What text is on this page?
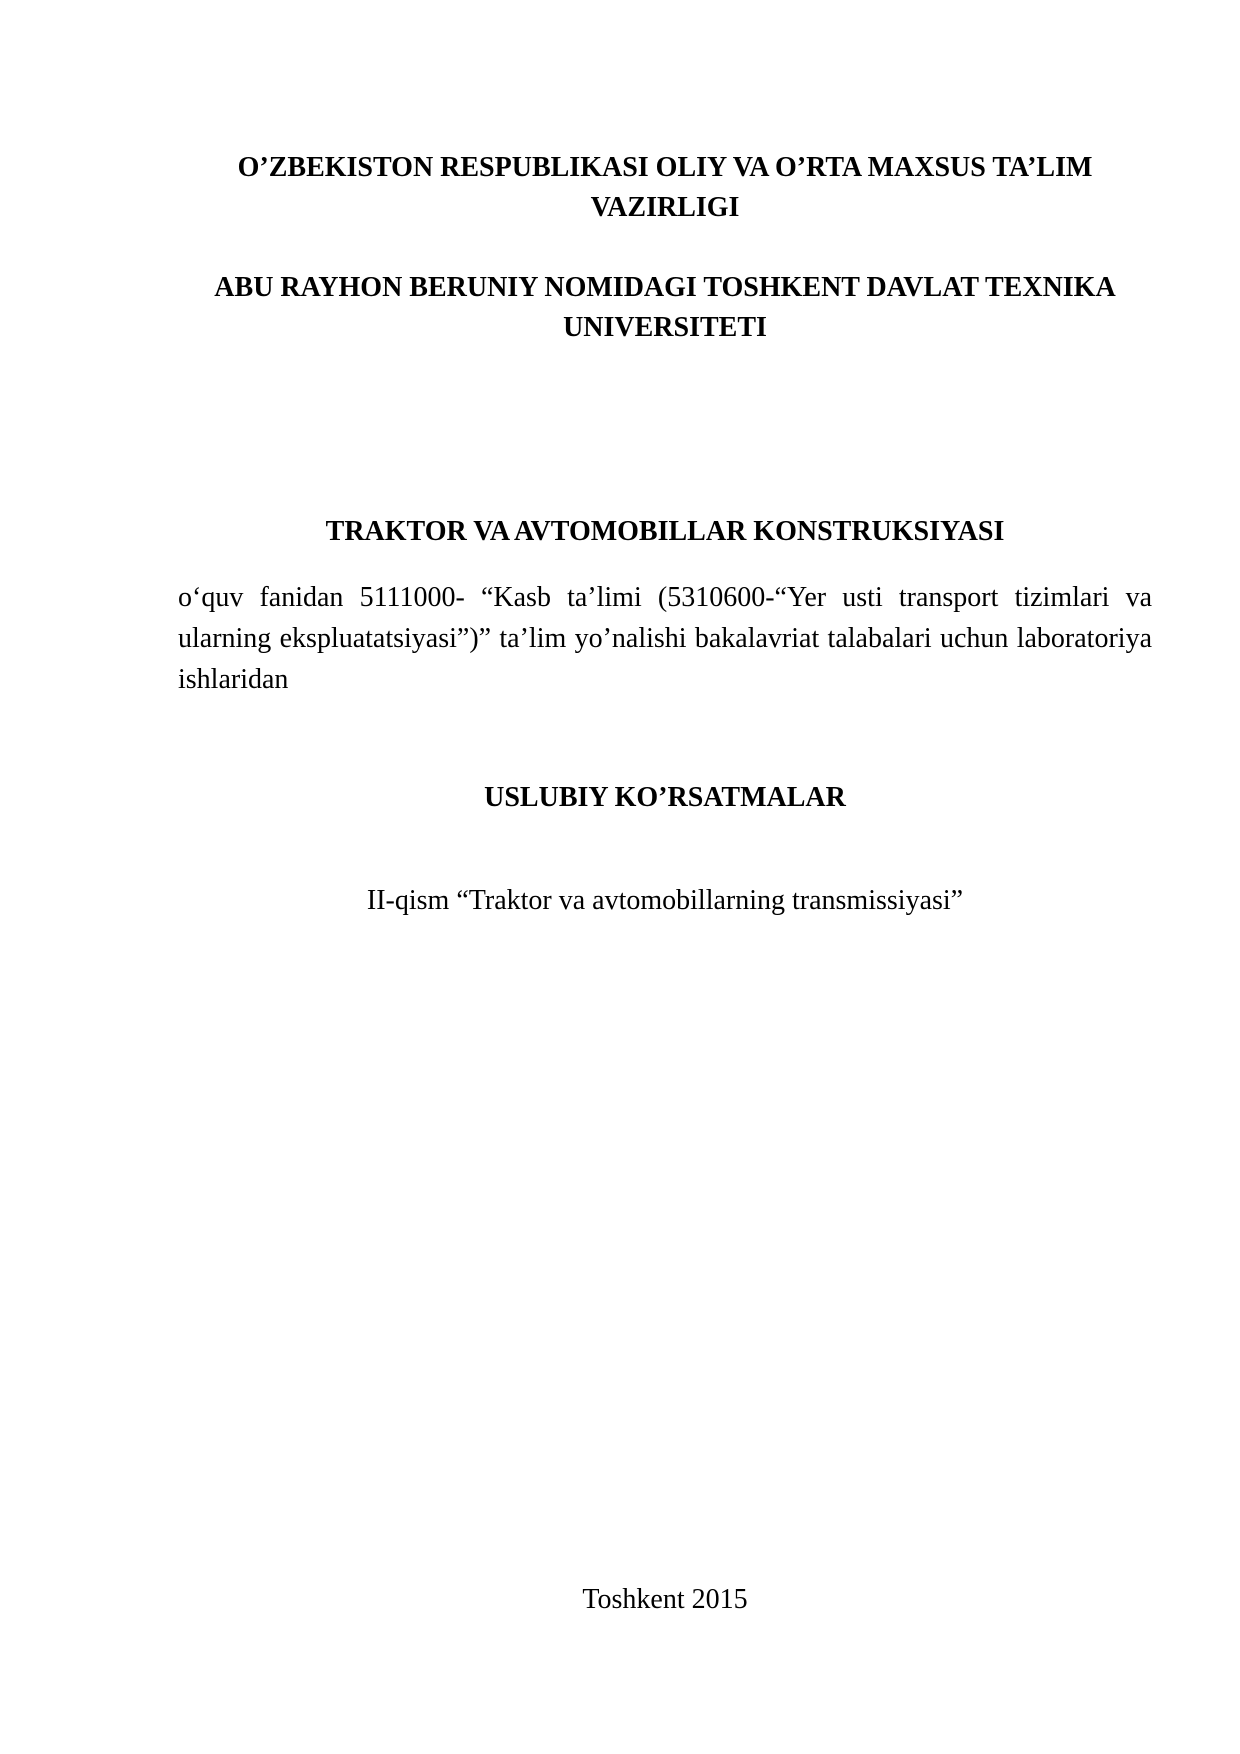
O’ZBEKISTON RESPUBLIKASI OLIY VA O’RTA MAXSUS TA’LIM
VAZIRLIGI
ABU RAYHON BERUNIY NOMIDAGI TOSHKENT DAVLAT TEXNIKA
UNIVERSITETI
TRAKTOR VA AVTOMOBILLAR KONSTRUKSIYASI

o‘quv fanidan 5111000- “Kasb ta’limi (5310600-“Yer usti transport tizimlari va ularning ekspluatatsiyasi”)” ta’lim yo’nalishi bakalavriat talabalari uchun laboratoriya ishlaridan

USLUBIY KO’RSATMALAR

II-qism “Traktor va avtomobillarning transmissiyasi”

Toshkent 2015
